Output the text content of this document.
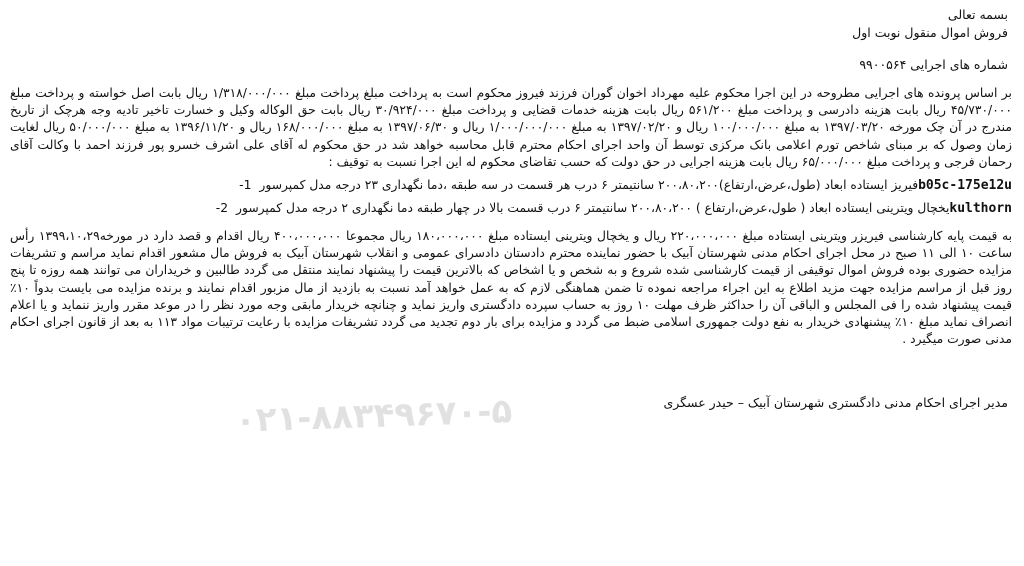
بسمه تعالی
فروش اموال منقول نوبت اول
شماره های اجرایی ۹۹۰۰۵۶۴
بر اساس پرونده های اجرایی مطروحه در این اجرا محکوم علیه مهرداد اخوان گوران فرزند فیروز محکوم است به پرداخت مبلغ پرداخت مبلغ ۱/۳۱۸/۰۰۰/۰۰۰ ریال بابت اصل خواسته و پرداخت مبلغ ۴۵/۷۳۰/۰۰۰ ریال بابت هزینه دادرسی و پرداخت مبلغ ۵۶۱/۲۰۰ ریال بابت هزینه خدمات قضایی و پرداخت مبلغ ۳۰/۹۲۴/۰۰۰ ریال بابت حق الوکاله وکیل و خسارت تاخیر تادیه وجه هرچک از تاریخ مندرج در آن چک مورخه ۱۳۹۷/۰۳/۲۰ به مبلغ ۱۰۰/۰۰۰/۰۰۰ ریال و ۱۳۹۷/۰۲/۲۰ به مبلغ ۱/۰۰۰/۰۰۰/۰۰۰ ریال و ۱۳۹۷/۰۶/۳۰ به مبلغ ۱۶۸/۰۰۰/۰۰۰ ریال و ۱۳۹۶/۱۱/۲۰ به مبلغ ۵۰/۰۰۰/۰۰۰ ریال لغایت زمان وصول که بر مبنای شاخص تورم اعلامی بانک مرکزی توسط آن واحد اجرای احکام محترم قابل محاسبه خواهد شد در حق محکوم له آقای علی اشرف خسرو پور فرزند احمد با وکالت آقای رحمان فرجی و پرداخت مبلغ ۶۵/۰۰۰/۰۰۰ ریال بابت هزینه اجرایی در حق دولت که حسب تقاضای محکوم له این اجرا نسبت به توقیف :
b05c-175e12uفیریز ایستاده ابعاد (طول،عرض،ارتفاع)۲۰۰،۸۰،۲۰۰ سانتیمتر ۶ درب هر قسمت در سه طبقه ،دما نگهداری ۲۳ درجه مدل کمپرسور1-
kulthornیخچال ویترینی ایستاده ابعاد ( طول،عرض،ارتفاع ) ۲۰۰،۸۰،۲۰۰ سانتیمتر ۶ درب قسمت بالا در چهار طبقه دما نگهداری ۲ درجه مدل کمپرسور2-
به قیمت پایه کارشناسی فیریزر ویترینی ایستاده مبلغ ۲۲۰،۰۰۰،۰۰۰ ریال و یخچال ویترینی ایستاده مبلغ ۱۸۰،۰۰۰،۰۰۰ ریال مجموعا ۴۰۰،۰۰۰،۰۰۰ ریال اقدام و قصد دارد در مورخه۱۳۹۹،۱۰،۲۹ رأس ساعت ۱۰ الی ۱۱ صبح در محل اجرای احکام مدنی شهرستان آبیک با حضور نماینده محترم دادستان دادسرای عمومی و انقلاب شهرستان آبیک به فروش مال مشعور اقدام نماید مراسم و تشریفات مزایده حضوری بوده فروش اموال توقیفی از قیمت کارشناسی شده شروع و به شخص و یا اشخاص که بالاترین قیمت را پیشنهاد نمایند منتقل می گردد طالبین و خریداران می توانند همه روزه تا پنج روز قبل از مراسم مزایده جهت مزید اطلاع به این اجراء مراجعه نموده تا ضمن هماهنگی لازم که به عمل خواهد آمد نسبت به بازدید از مال مزبور اقدام نمایند و برنده مزایده می بایست بدواً ۱۰٪ قیمت پیشنهاد شده را فی المجلس و الباقی آن را حداکثر ظرف مهلت ۱۰ روز به حساب سپرده دادگستری واریز نماید و چنانچه خریدار مابقی وجه مورد نظر را در موعد مقرر واریز ننماید و یا اعلام انصراف نماید مبلغ ۱۰٪ پیشنهادی خریدار به نفع دولت جمهوری اسلامی ضبط می گردد و مزایده برای بار دوم تجدید می گردد تشریفات مزایده با رعایت ترتیبات مواد ۱۱۳ به بعد از قانون اجرای احکام مدنی صورت میگیرد .
مدیر اجرای احکام مدنی دادگستری شهرستان آبیک – حیدر عسگری
۰۲۱-۸۸۳۴۹۶۷۰-۵
